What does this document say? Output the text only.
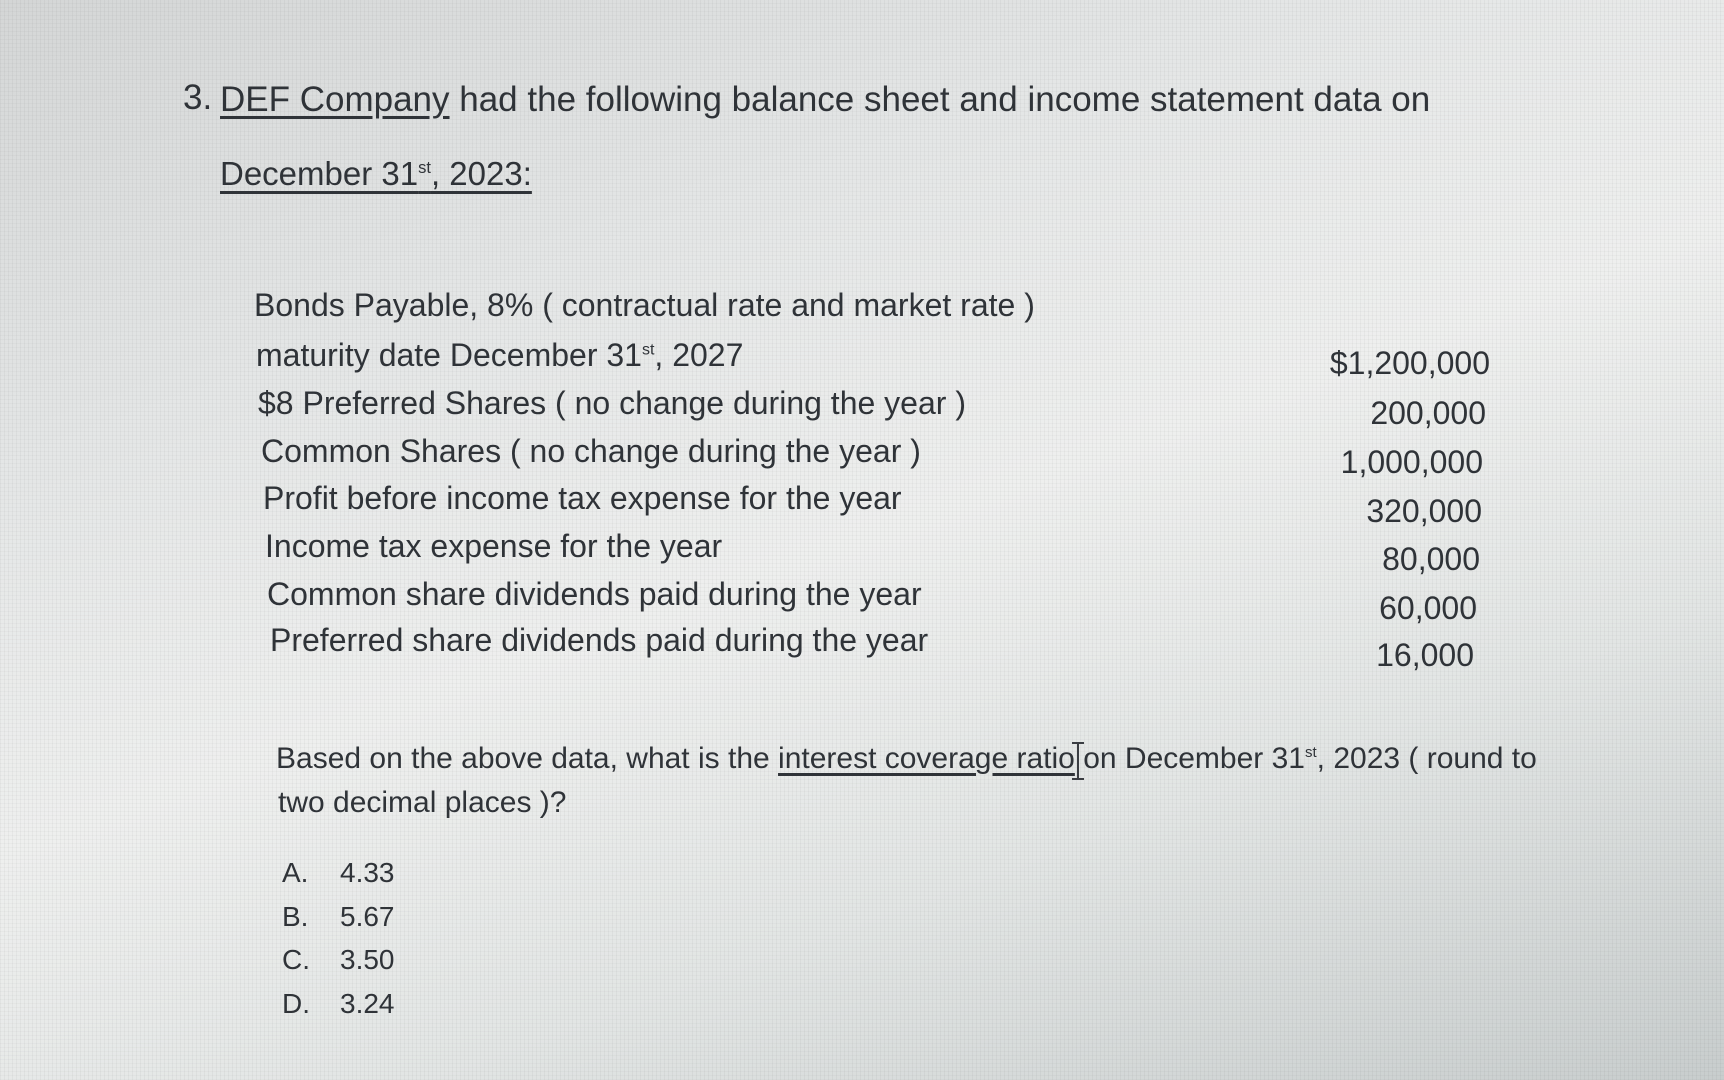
3. DEF Company had the following balance sheet and income statement data on
December 31st, 2023:
Bonds Payable, 8% ( contractual rate and market rate )
maturity date December 31st, 2027	$1,200,000
$8 Preferred Shares ( no change during the year )	200,000
Common Shares ( no change during the year )	1,000,000
Profit before income tax expense for the year	320,000
Income tax expense for the year	80,000
Common share dividends paid during the year	60,000
Preferred share dividends paid during the year	16,000
Based on the above data, what is the interest coverage ratio on December 31st, 2023 ( round to
two decimal places )?
A. 4.33
B. 5.67
C. 3.50
D. 3.24
